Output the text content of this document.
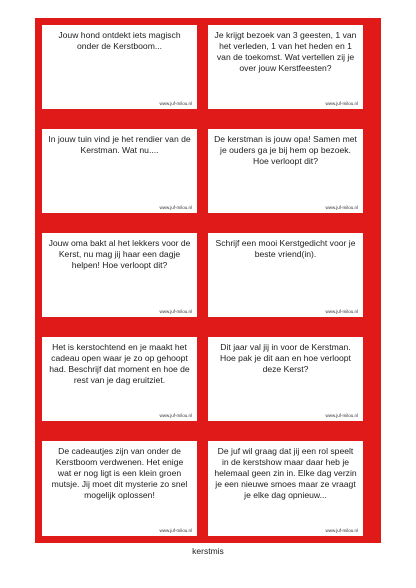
Jouw hond ontdekt iets magisch onder de Kerstboom...
www.juf-milou.nl
Je krijgt bezoek van 3 geesten, 1 van het verleden, 1 van het heden en 1 van de toekomst. Wat vertellen zij je over jouw Kerstfeesten?
www.juf-milou.nl
In jouw tuin vind je het rendier van de Kerstman. Wat nu....
www.juf-milou.nl
De kerstman is jouw opa! Samen met je ouders ga je bij hem op bezoek. Hoe verloopt dit?
www.juf-milou.nl
Jouw oma bakt al het lekkers voor de Kerst, nu mag jij haar een dagje helpen! Hoe verloopt dit?
www.juf-milou.nl
Schrijf een mooi Kerstgedicht voor je beste vriend(in).
www.juf-milou.nl
Het is kerstochtend en je maakt het cadeau open waar je zo op gehoopt had. Beschrijf dat moment en hoe de rest van je dag eruitziet.
www.juf-milou.nl
Dit jaar val jij in voor de Kerstman. Hoe pak je dit aan en hoe verloopt deze Kerst?
www.juf-milou.nl
De cadeautjes zijn van onder de Kerstboom verdwenen. Het enige wat er nog ligt is een klein groen mutsje. Jij moet dit mysterie zo snel mogelijk oplossen!
www.juf-milou.nl
De juf wil graag dat jij een rol speelt in de kerstshow maar daar heb je helemaal geen zin in. Elke dag verzin je een nieuwe smoes maar ze vraagt je elke dag opnieuw...
www.juf-milou.nl
kerstmis
